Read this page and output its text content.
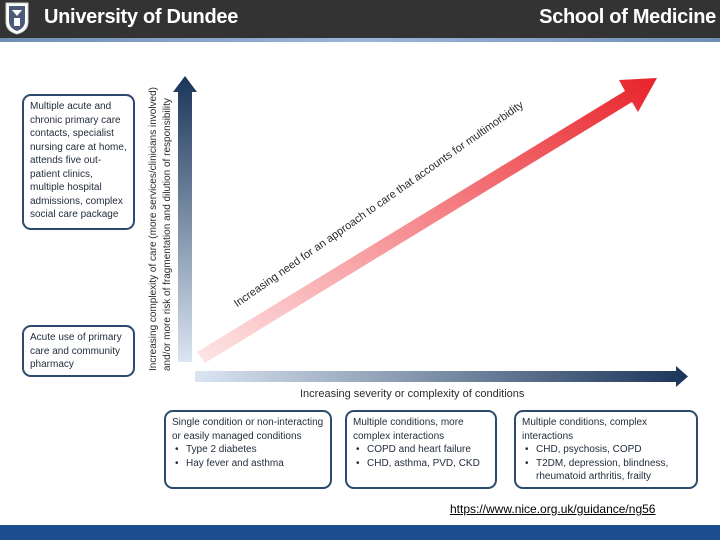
University of Dundee	School of Medicine
Multiple acute and chronic primary care contacts, specialist nursing care at home, attends five out-patient clinics, multiple hospital admissions, complex social care package
Acute use of primary care and community pharmacy	Increasing complexity of care (more services/clinicians involved) and/or more risk of fragmentation and dilution of responsibility	Increasing need for an approach to care that accounts for multimorbidity
Increasing severity or complexity of conditions
Single condition or non-interacting or easily managed conditions
• Type 2 diabetes
• Hay fever and asthma
Multiple conditions, more complex interactions
• COPD and heart failure
• CHD, asthma, PVD, CKD
Multiple conditions, complex interactions
• CHD, psychosis, COPD
• T2DM, depression, blindness, rheumatoid arthritis, frailty
https://www.nice.org.uk/guidance/ng56
